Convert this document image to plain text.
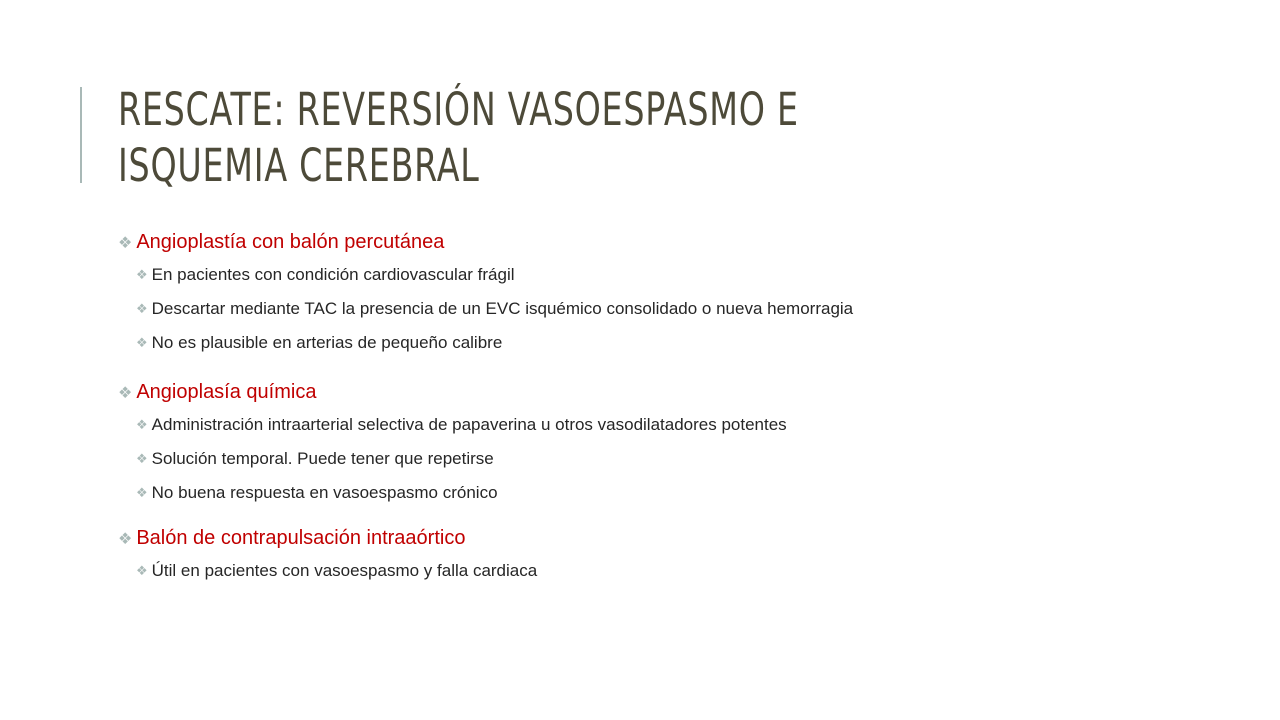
RESCATE: REVERSIÓN VASOESPASMO E ISQUEMIA CEREBRAL
❖ Angioplastía con balón percutánea
❖ En pacientes con condición cardiovascular frágil
❖ Descartar mediante TAC la presencia de un EVC isquémico consolidado o nueva hemorragia
❖ No es plausible en arterias de pequeño calibre
❖ Angioplasía química
❖ Administración intraarterial selectiva de papaverina u otros vasodilatadores potentes
❖ Solución temporal. Puede tener que repetirse
❖ No buena respuesta en vasoespasmo crónico
❖ Balón de contrapulsación intraaórtico
❖ Útil en pacientes con vasoespasmo y falla cardiaca
